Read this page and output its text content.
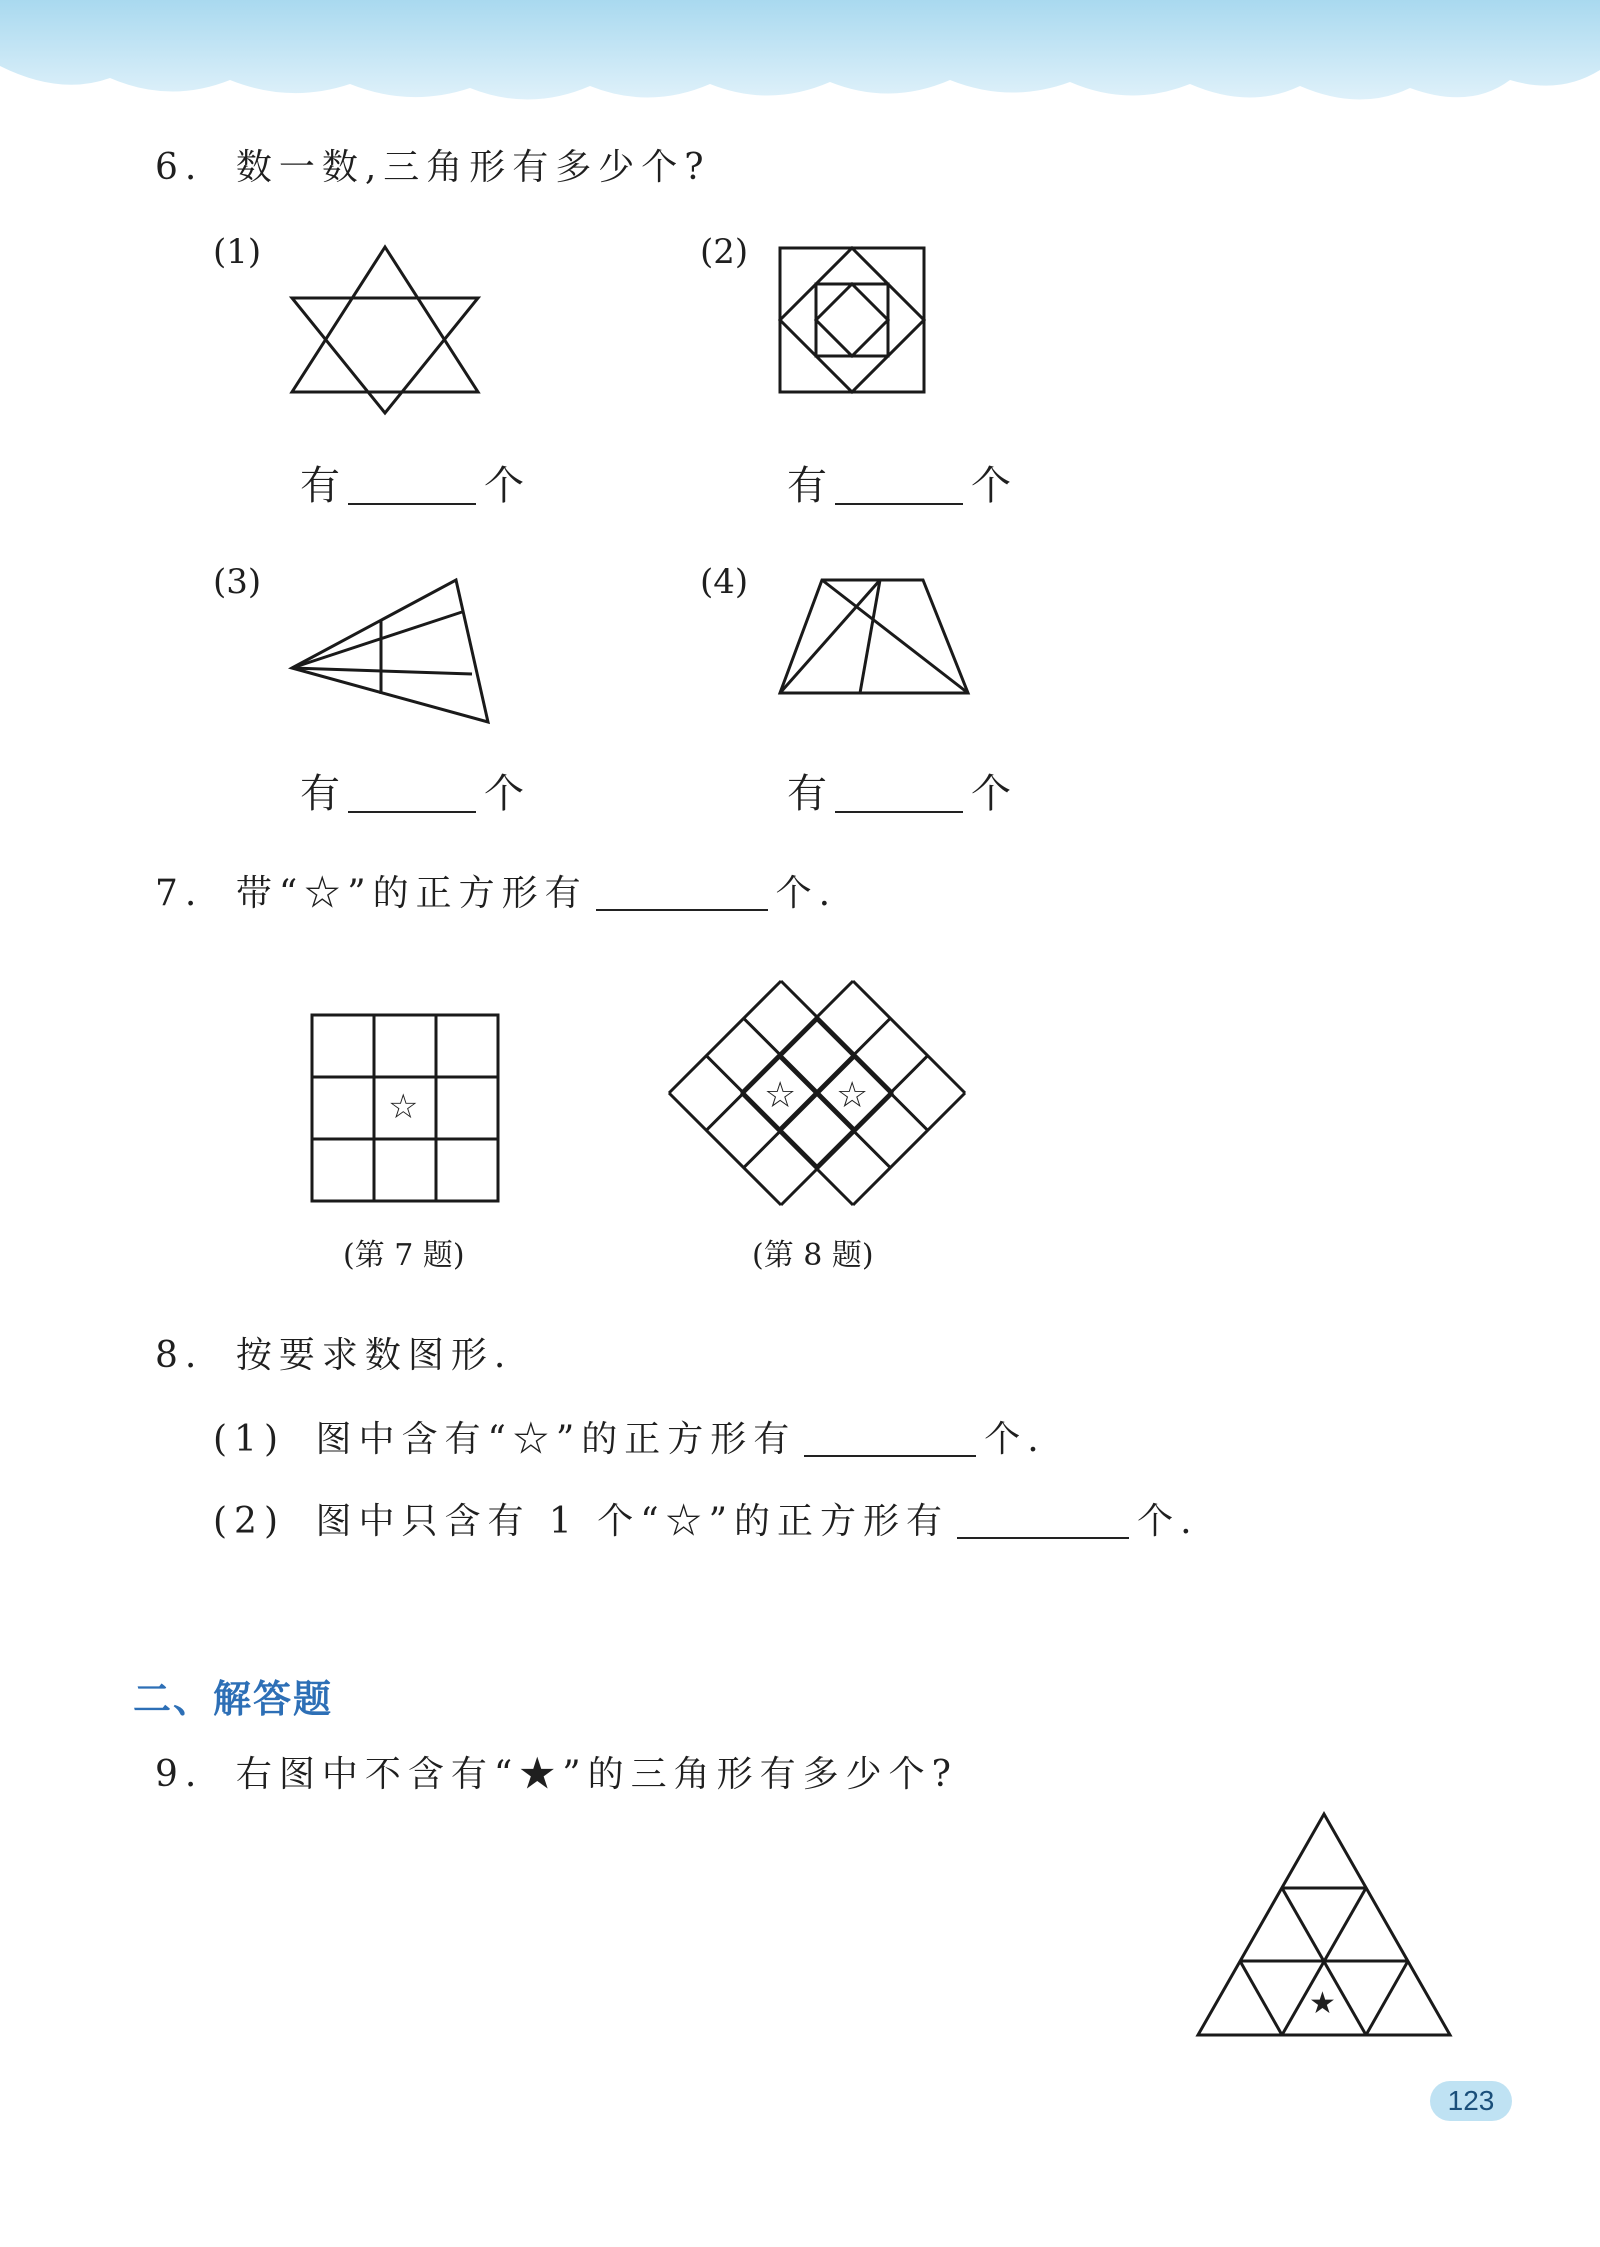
6. 数一数,三角形有多少个?
(1)	(2)
(3)	(4)
有	个	有	个
有	个	有	个
7. 带“☆”的正方形有	个.
☆
(第 7 题)
☆ ☆
(第 8 题)
8. 按要求数图形.
(1) 图中含有“☆”的正方形有	个.
(2) 图中只含有 1 个“☆”的正方形有	个.
二、解答题
9. 右图中不含有“★”的三角形有多少个?
★
123
